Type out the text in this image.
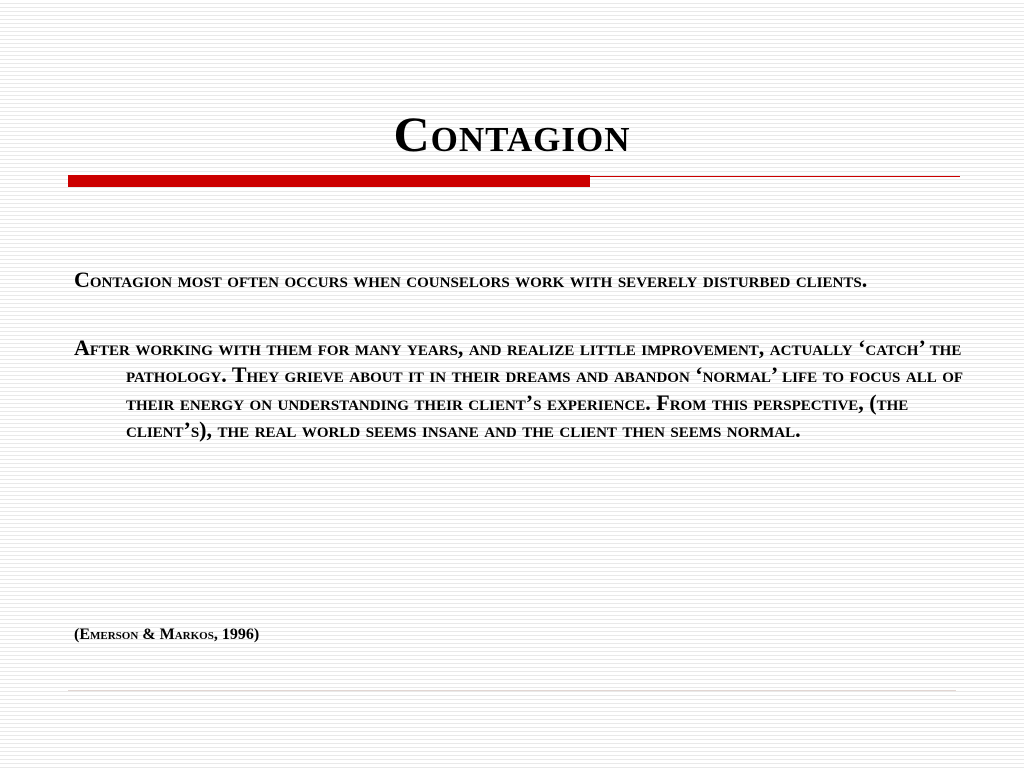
Contagion

Contagion most often occurs when counselors work with severely disturbed clients.

After working with them for many years, and realize little improvement, actually ‘catch’ the pathology. They grieve about it in their dreams and abandon ‘normal’ life to focus all of their energy on understanding their client’s experience. From this perspective, (the client’s), the real world seems insane and the client then seems normal.

(Emerson & Markos, 1996)
